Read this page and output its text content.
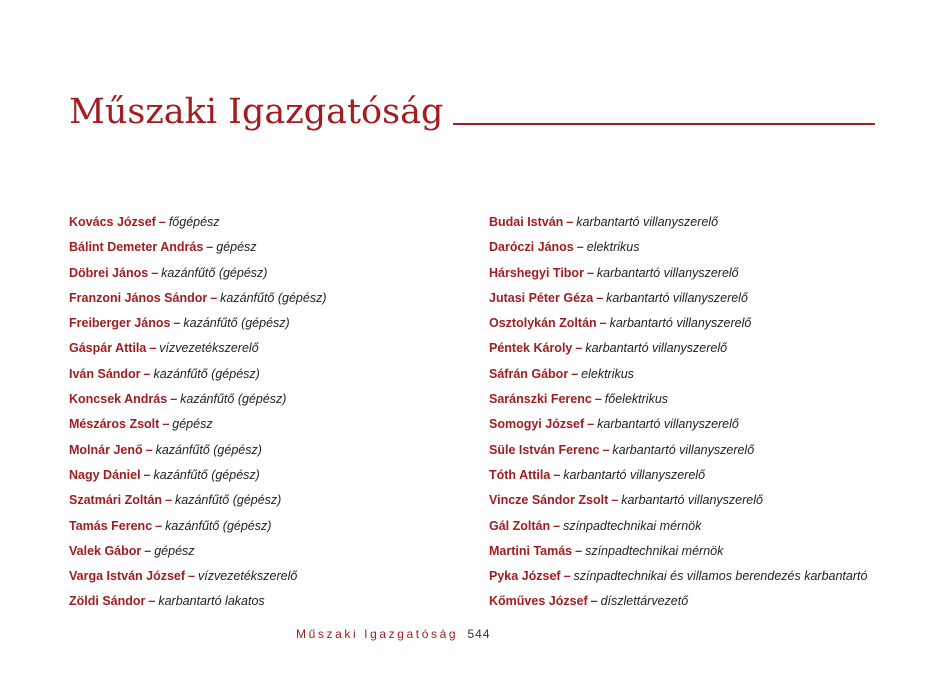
Műszaki Igazgatóság
Kovács József – főgépész
Bálint Demeter András – gépész
Döbrei János – kazánfűtő (gépész)
Franzoni János Sándor – kazánfűtő (gépész)
Freiberger János – kazánfűtő (gépész)
Gáspár Attila – vízvezetékszerelő
Iván Sándor – kazánfűtő (gépész)
Koncsek András – kazánfűtő (gépész)
Mészáros Zsolt – gépész
Molnár Jenő – kazánfűtő (gépész)
Nagy Dániel – kazánfűtő (gépész)
Szatmári Zoltán – kazánfűtő (gépész)
Tamás Ferenc – kazánfűtő (gépész)
Valek Gábor – gépész
Varga István József – vízvezetékszerelő
Zöldi Sándor – karbantartó lakatos
Budai István – karbantartó villanyszerelő
Daróczi János – elektrikus
Hárshegyi Tibor – karbantartó villanyszerelő
Jutasi Péter Géza – karbantartó villanyszerelő
Osztolykán Zoltán – karbantartó villanyszerelő
Péntek Károly – karbantartó villanyszerelő
Sáfrán Gábor – elektrikus
Saránszki Ferenc – főelektrikus
Somogyi József – karbantartó villanyszerelő
Süle István Ferenc – karbantartó villanyszerelő
Tóth Attila – karbantartó villanyszerelő
Vincze Sándor Zsolt – karbantartó villanyszerelő
Gál Zoltán – színpadtechnikai mérnök
Martini Tamás – színpadtechnikai mérnök
Pyka József – színpadtechnikai és villamos berendezés karbantartó
Kőműves József – díszlettárvezető
Műszaki Igazgatóság 544
